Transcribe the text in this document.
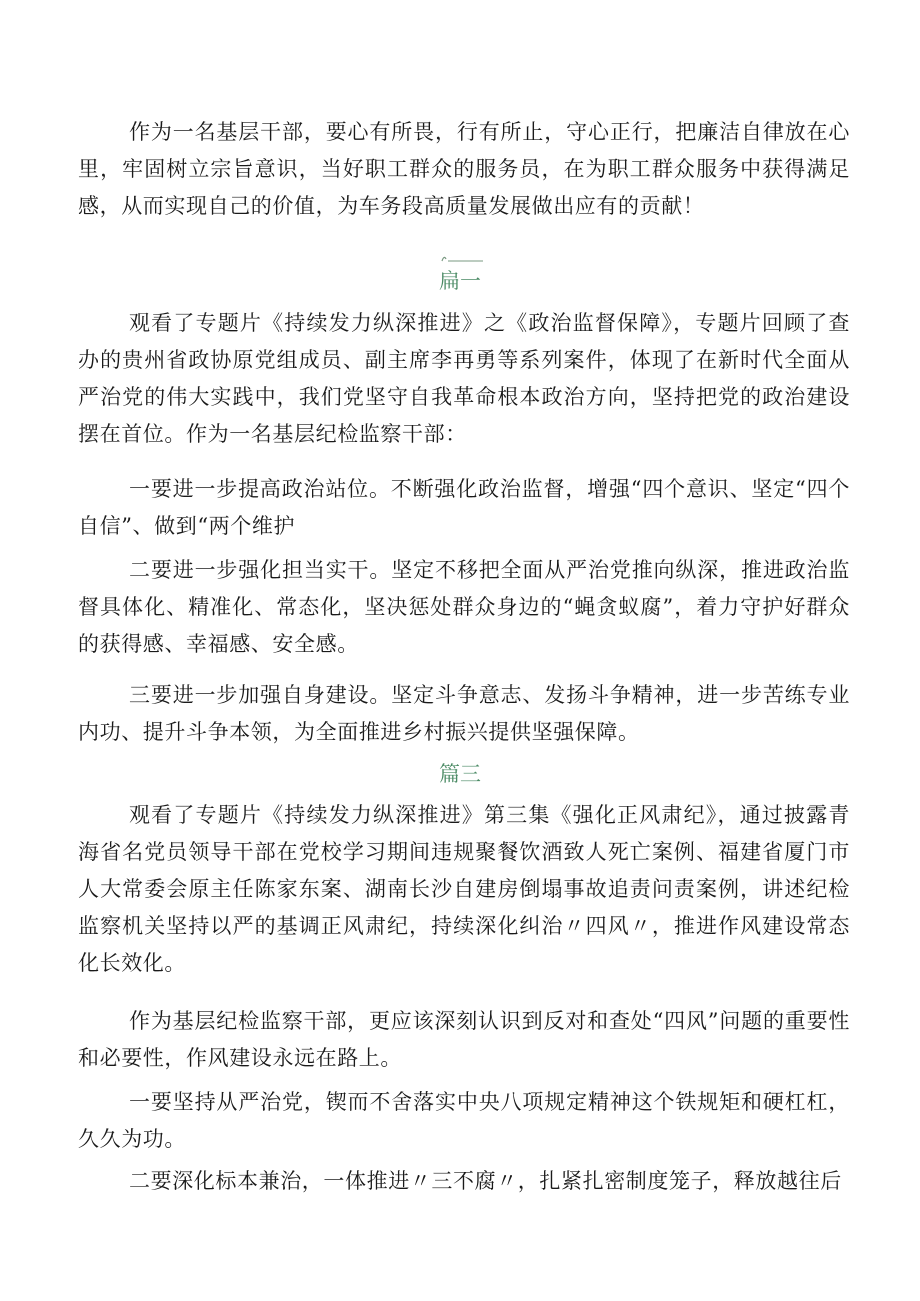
作为一名基层干部，要心有所畏，行有所止，守心正行，把廉洁自律放在心里，牢固树立宗旨意识，当好职工群众的服务员，在为职工群众服务中获得满足感，从而实现自己的价值，为车务段高质量发展做出应有的贡献！

扁一

观看了专题片《持续发力纵深推进》之《政治监督保障》，专题片回顾了查办的贵州省政协原党组成员、副主席李再勇等系列案件，体现了在新时代全面从严治党的伟大实践中，我们党坚守自我革命根本政治方向，坚持把党的政治建设摆在首位。作为一名基层纪检监察干部：

一要进一步提高政治站位。不断强化政治监督，增强“四个意识、坚定“四个自信”、做到“两个维护

二要进一步强化担当实干。坚定不移把全面从严治党推向纵深，推进政治监督具体化、精准化、常态化，坚决惩处群众身边的“蝇贪蚁腐”，着力守护好群众的获得感、幸福感、安全感。

三要进一步加强自身建设。坚定斗争意志、发扬斗争精神，进一步苦练专业内功、提升斗争本领，为全面推进乡村振兴提供坚强保障。

篇三

观看了专题片《持续发力纵深推进》第三集《强化正风肃纪》，通过披露青海省​名党员领导干部在党校学习期间违规聚餐饮酒致人死亡案例、福建省厦门市人大常委会原主任陈家东案、湖南长沙自建房倒塌事故追责问责案例，讲述纪检监察机关坚持以严的基调正风肃纪，持续深化纠治〃四风〃，推进作风建设常态化长效化。

作为基层纪检监察干部，更应该深刻认识到反对和查处“四风”问题的重要性和必要性，作风建设永远在路上。

一要坚持从严治党，锲而不舍落实中央八项规定精神这个铁规矩和硬杠杠，久久为功。

二要深化标本兼治，一体推进〃三不腐〃，扎紧扎密制度笼子，释放越往后
